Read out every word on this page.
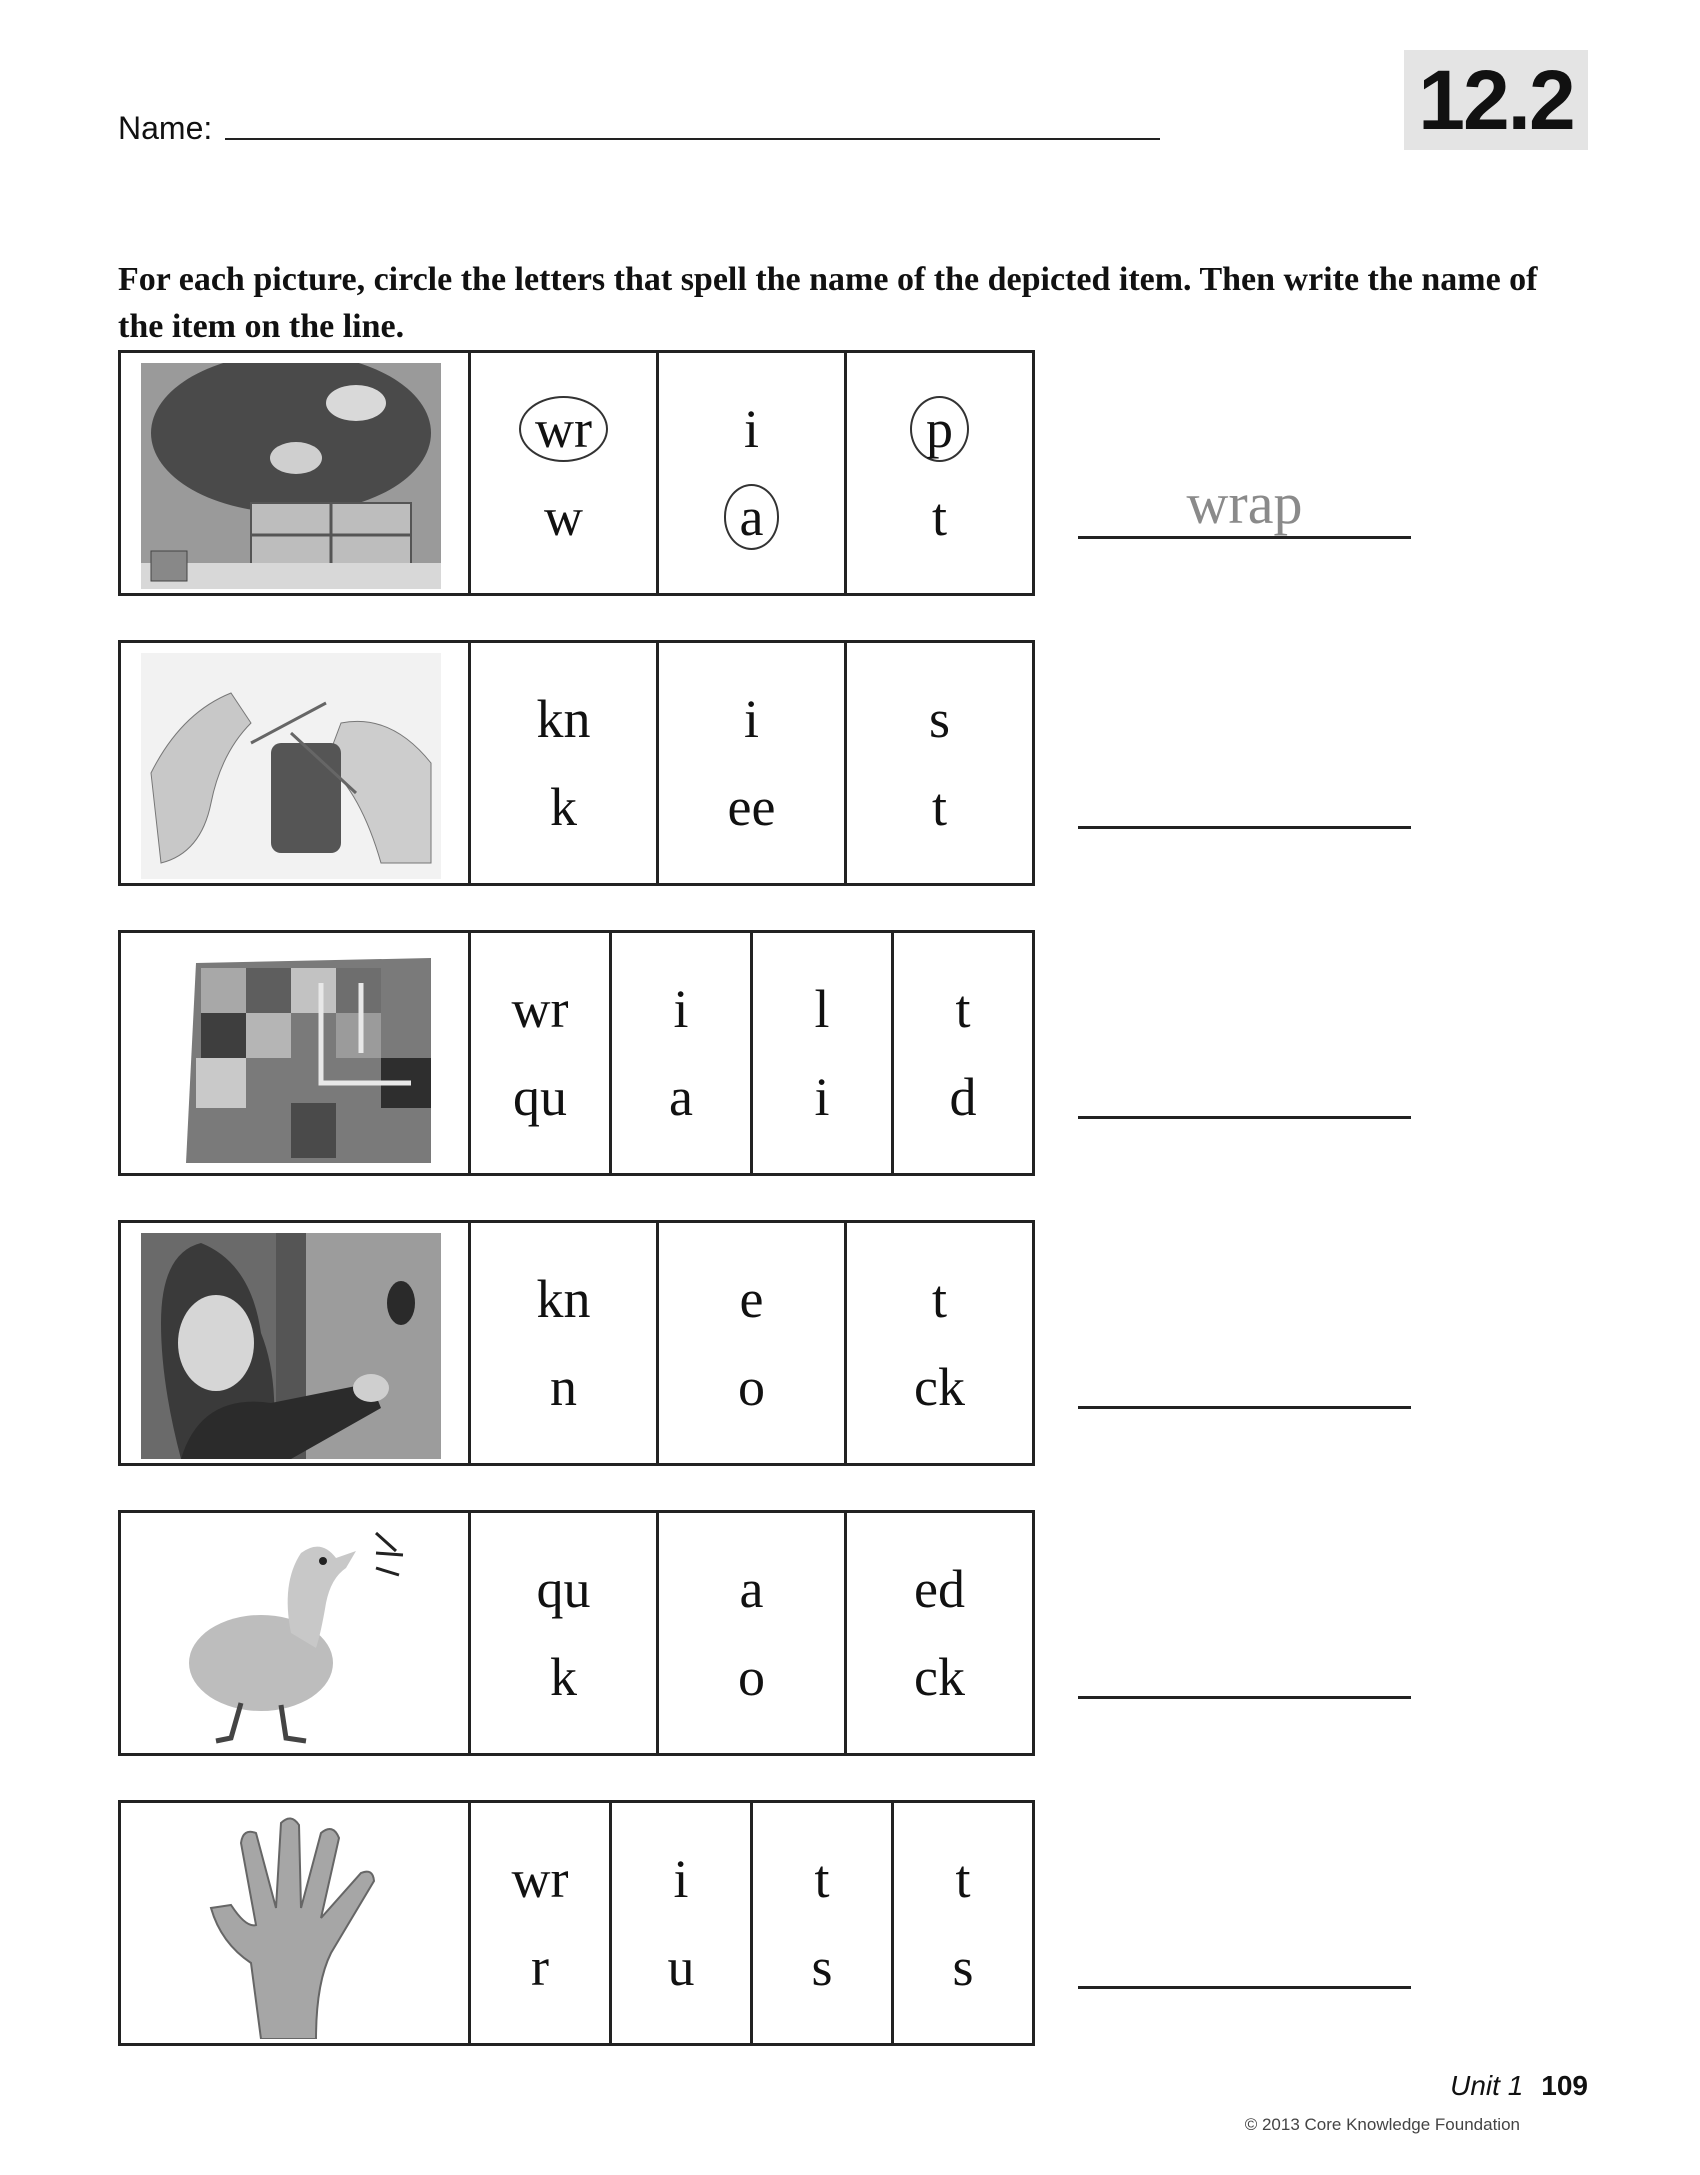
Name:	12.2
For each picture, circle the letters that spell the name of the depicted item. Then write the name of the item on the line.
wr
w
i
a
p
t	wrap
kn
k
i
ee
s
t
wr
qu
i
a
l
i
t
d
kn
n
e
o
t
ck
qu
k
a
o
ed
ck
wr
r
i
u
t
s
t
s
Unit 1 109
© 2013 Core Knowledge Foundation
